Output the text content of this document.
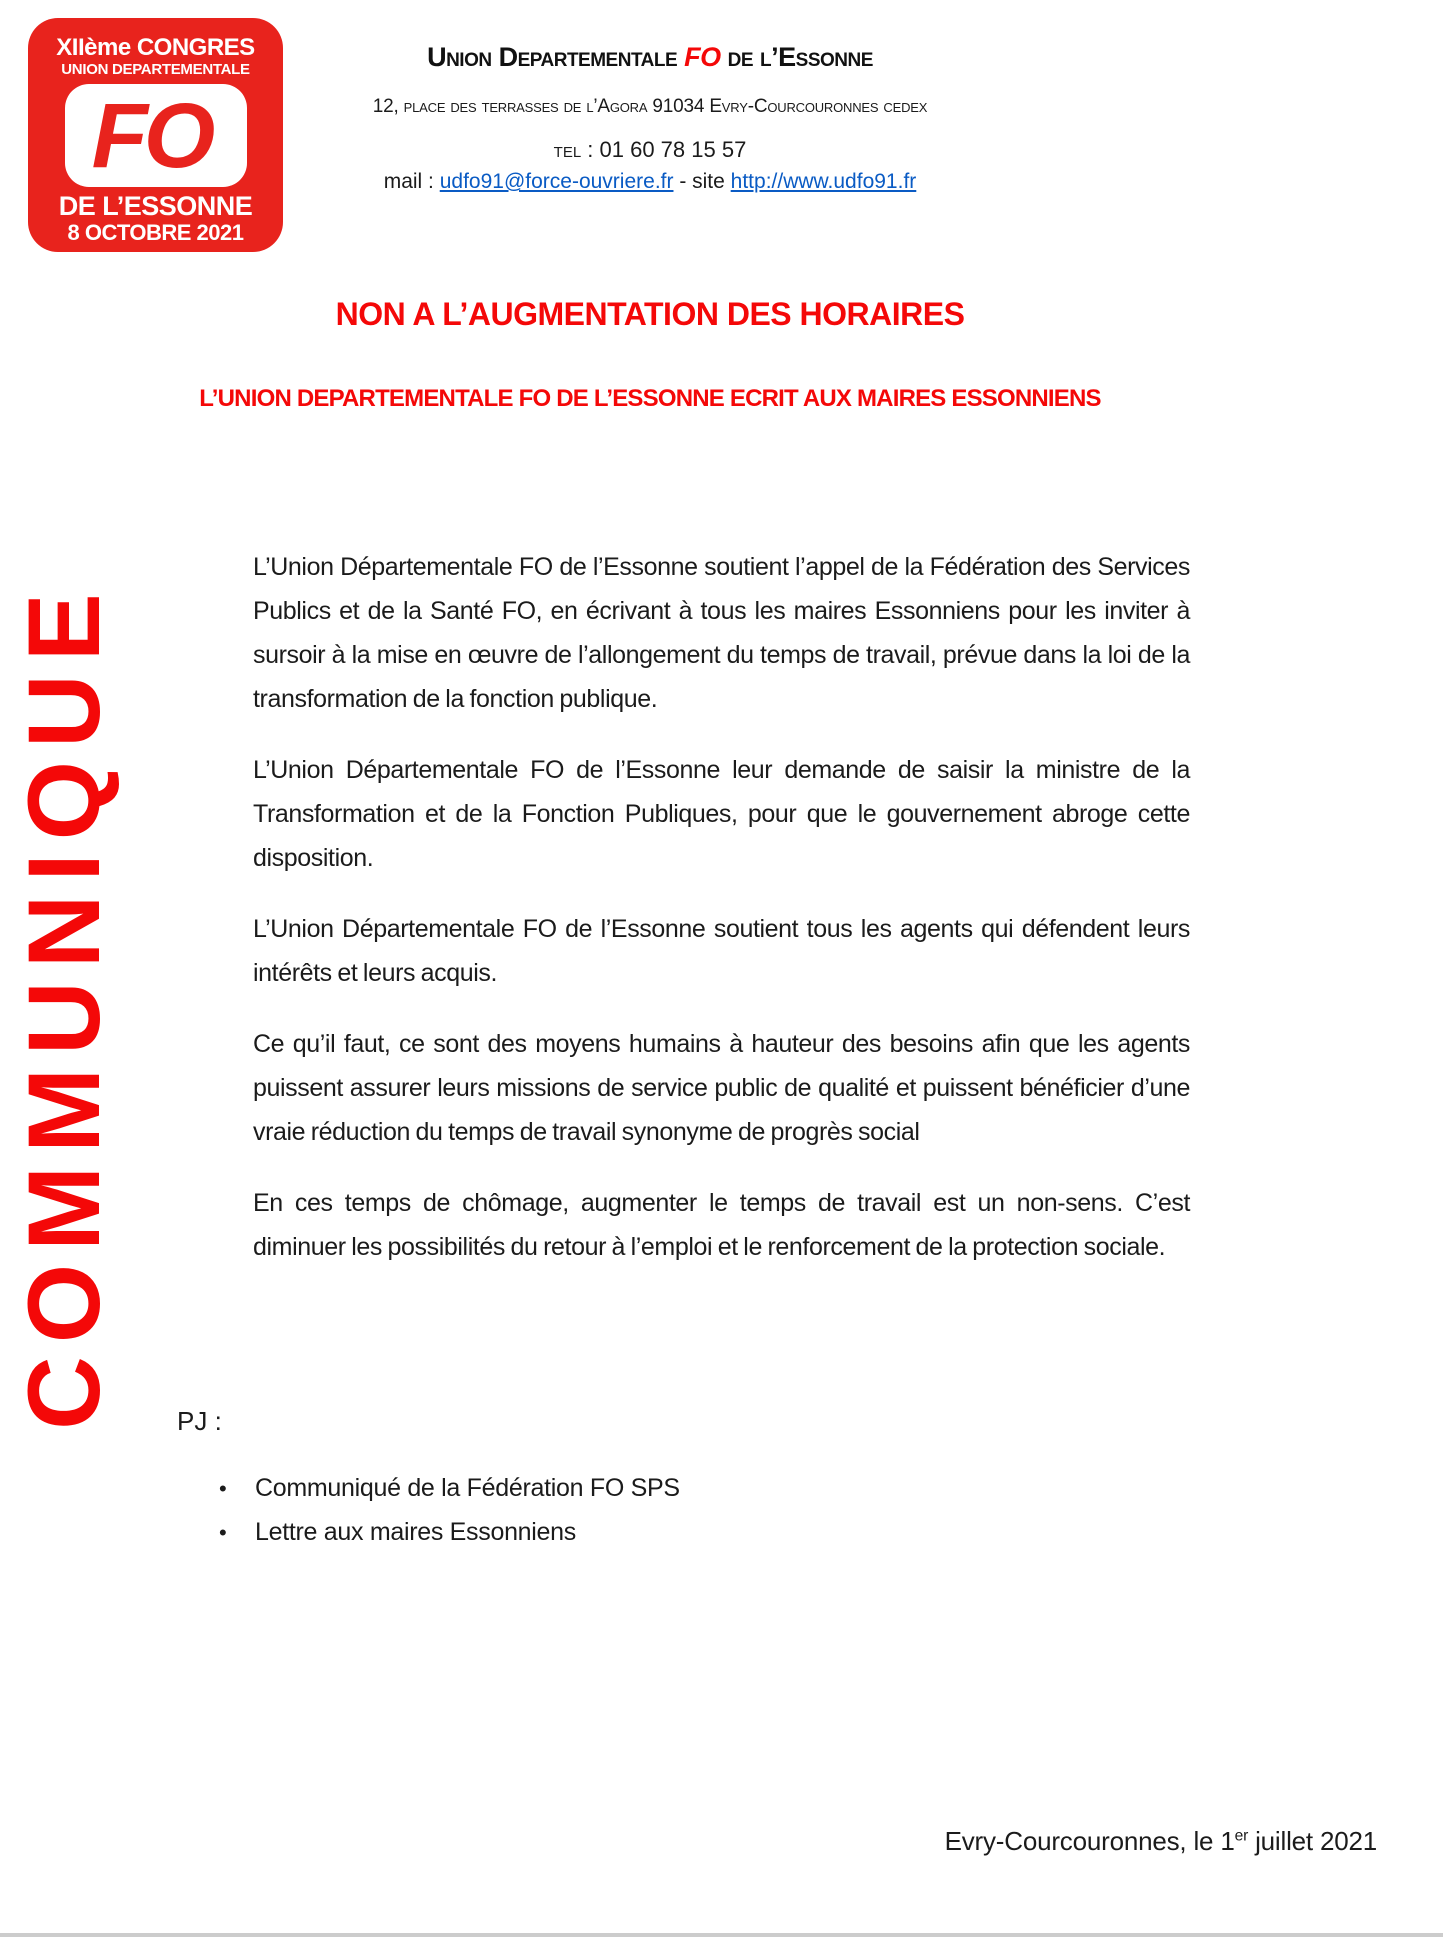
XIIème CONGRES
UNION DEPARTEMENTALE
FO
DE L’ESSONNE
8 OCTOBRE 2021
Union Departementale FO de l’Essonne
12, place des terrasses de l’Agora 91034 Evry-Courcouronnes cedex
tel : 01 60 78 15 57
mail : udfo91@force-ouvriere.fr - site http://www.udfo91.fr
NON A L’AUGMENTATION DES HORAIRES
L’UNION DEPARTEMENTALE FO DE L’ESSONNE ECRIT AUX MAIRES ESSONNIENS
COMMUNIQUE

L’Union Départementale FO de l’Essonne soutient l’appel de la Fédération des Services Publics et de la Santé FO, en écrivant à tous les maires Essonniens pour les inviter à sursoir à la mise en œuvre de l’allongement du temps de travail, prévue dans la loi de la transformation de la fonction publique.

L’Union Départementale FO de l’Essonne leur demande de saisir la ministre de la Transformation et de la Fonction Publiques, pour que le gouvernement abroge cette disposition.

L’Union Départementale FO de l’Essonne soutient tous les agents qui défendent leurs intérêts et leurs acquis.

Ce qu’il faut, ce sont des moyens humains à hauteur des besoins afin que les agents puissent assurer leurs missions de service public de qualité et puissent bénéficier d’une vraie réduction du temps de travail synonyme de progrès social

En ces temps de chômage, augmenter le temps de travail est un non-sens. C’est diminuer les possibilités du retour à l’emploi et le renforcement de la protection sociale.

PJ :
•	Communiqué de la Fédération FO SPS
•	Lettre aux maires Essonniens
Evry-Courcouronnes, le 1er juillet 2021
